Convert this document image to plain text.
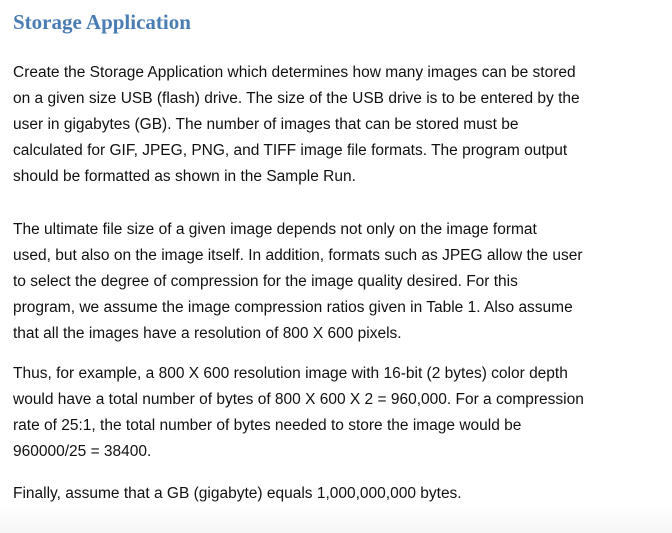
Storage Application

Create the Storage Application which determines how many images can be stored
on a given size USB (flash) drive. The size of the USB drive is to be entered by the
user in gigabytes (GB). The number of images that can be stored must be
calculated for GIF, JPEG, PNG, and TIFF image file formats. The program output
should be formatted as shown in the Sample Run.

The ultimate file size of a given image depends not only on the image format
used, but also on the image itself. In addition, formats such as JPEG allow the user
to select the degree of compression for the image quality desired. For this
program, we assume the image compression ratios given in Table 1. Also assume
that all the images have a resolution of 800 X 600 pixels.

Thus, for example, a 800 X 600 resolution image with 16-bit (2 bytes) color depth
would have a total number of bytes of 800 X 600 X 2 = 960,000. For a compression
rate of 25:1, the total number of bytes needed to store the image would be
960000/25 = 38400.

Finally, assume that a GB (gigabyte) equals 1,000,000,000 bytes.
